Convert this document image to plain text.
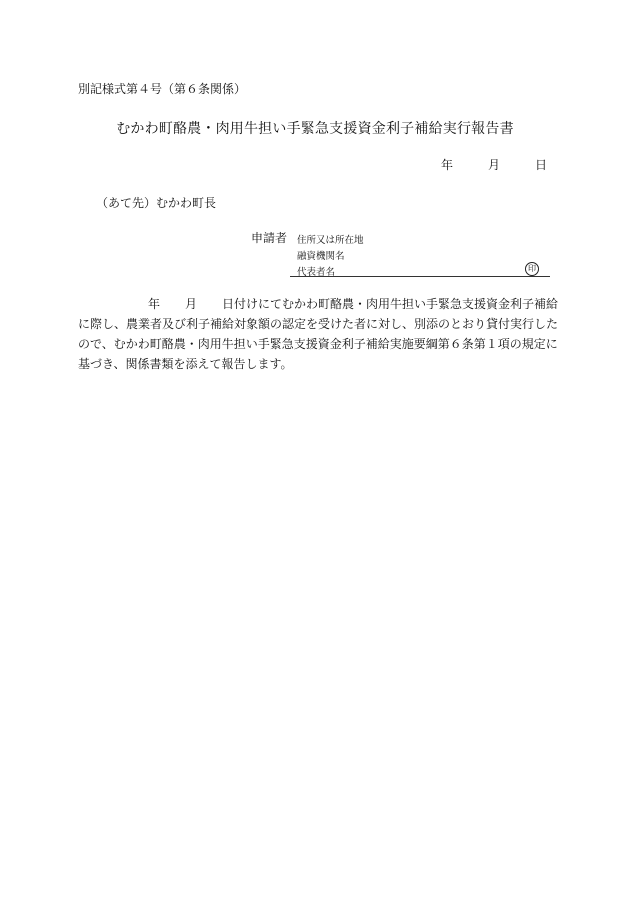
別記様式第４号（第６条関係）
むかわ町酪農・肉用牛担い手緊急支援資金利子補給実行報告書
年	月	日
（あて先）むかわ町長
申請者 住所又は所在地
融資機関名
代表者名	印
年 月 日付けにてむかわ町酪農・肉用牛担い手緊急支援資金利子補給
に際し、農業者及び利子補給対象額の認定を受けた者に対し、別添のとおり貸付実行した
ので、むかわ町酪農・肉用牛担い手緊急支援資金利子補給実施要綱第６条第１項の規定に
基づき、関係書類を添えて報告します。
